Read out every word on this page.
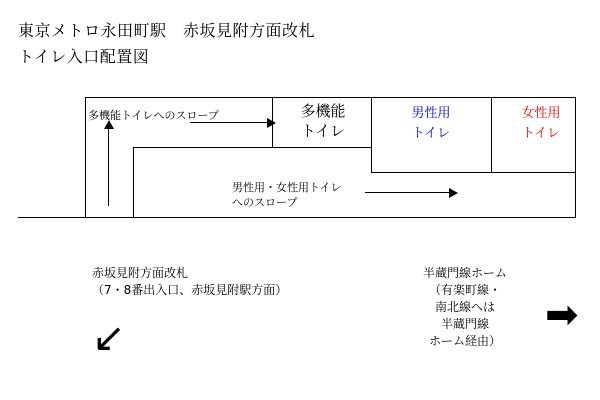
東京メトロ永田町駅　赤坂見附方面改札
トイレ入口配置図
多機能
トイレ
男性用
トイレ
女性用
トイレ
多機能トイレへのスロープ
男性用・女性用トイレ
へのスロープ
赤坂見附方面改札
（7・8番出入口、赤坂見附駅方面）
↙
半蔵門線ホーム
（有楽町線・
南北線へは
半蔵門線
ホーム経由）
➡
